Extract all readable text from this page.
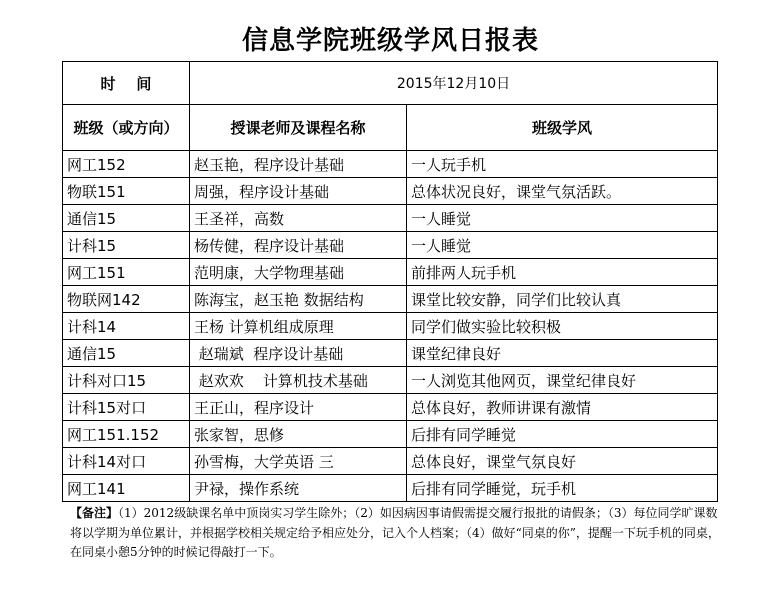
信息学院班级学风日报表
时    间	2015年12月10日	
班级（或方向）	授课老师及课程名称	班级学风
网工152	赵玉艳，程序设计基础	一人玩手机
物联151	周强，程序设计基础	总体状况良好，课堂气氛活跃。
通信15	王圣祥，高数	一人睡觉
计科15	杨传健，程序设计基础	一人睡觉
网工151	范明康，大学物理基础	前排两人玩手机
物联网142	陈海宝，赵玉艳 数据结构	课堂比较安静，同学们比较认真
计科14	王杨 计算机组成原理	同学们做实验比较积极
通信15	赵瑞斌  程序设计基础	课堂纪律良好
计科对口15	赵欢欢    计算机技术基础	一人浏览其他网页，课堂纪律良好
计科15对口	王正山，程序设计	总体良好，教师讲课有激情
网工151.152	张家智，思修	后排有同学睡觉
计科14对口	孙雪梅，大学英语 三	总体良好，课堂气氛良好
网工141	尹禄，操作系统	后排有同学睡觉，玩手机
【备注】（1）2012级缺课名单中顶岗实习学生除外；（2）如因病因事请假需提交履行报批的请假条；（3）每位同学旷课数将以学期为单位累计，并根据学校相关规定给予相应处分，记入个人档案；（4）做好“同桌的你”，提醒一下玩手机的同桌，在同桌小憩5分钟的时候记得敲打一下。
